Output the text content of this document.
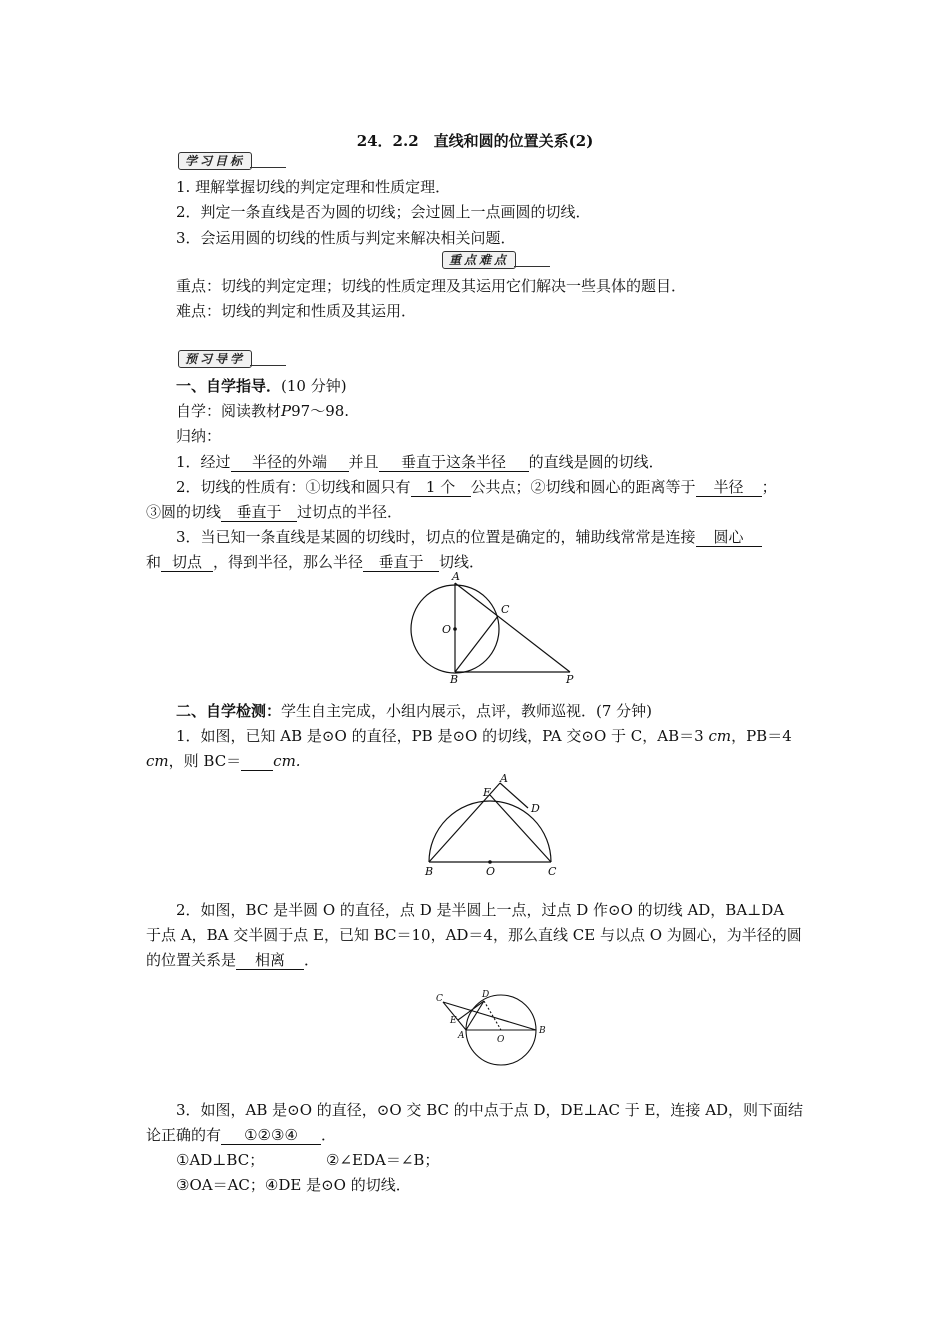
24．2.2　直线和圆的位置关系(2)
学习目标
1. 理解掌握切线的判定定理和性质定理．
2．判定一条直线是否为圆的切线；会过圆上一点画圆的切线．
3．会运用圆的切线的性质与判定来解决相关问题．
重点难点
重点：切线的判定定理；切线的性质定理及其运用它们解决一些具体的题目．
难点：切线的判定和性质及其运用．
预习导学
一、自学指导．(10 分钟)
自学：阅读教材P97～98.
归纳：
1．经过 半径的外端 并且 垂直于这条半径 的直线是圆的切线．
2．切线的性质有：①切线和圆只有 1 个 公共点；②切线和圆心的距离等于 半径 ；
③圆的切线 垂直于 过切点的半径．
3．当已知一条直线是某圆的切线时，切点的位置是确定的，辅助线常常是连接 圆心
和 切点 ，得到半径，那么半径 垂直于 切线．
A
O
C
B	P
二、自学检测：学生自主完成，小组内展示，点评，教师巡视．(7 分钟)
1．如图，已知 AB 是⊙O 的直径，PB 是⊙O 的切线，PA 交⊙O 于 C，AB＝3 cm，PB＝4
cm，则 BC＝ cm.
E
A
D
B	O	C
2．如图，BC 是半圆 O 的直径，点 D 是半圆上一点，过点 D 作⊙O 的切线 AD，BA⊥DA
于点 A，BA 交半圆于点 E，已知 BC＝10，AD＝4，那么直线 CE 与以点 O 为圆心，为半径的圆
的位置关系是 相离 ．
C	D
E
A	O
B
3．如图，AB 是⊙O 的直径，⊙O 交 BC 的中点于点 D，DE⊥AC 于 E，连接 AD，则下面结
论正确的有 ①②③④ ．
①AD⊥BC；	②∠EDA＝∠B；
③OA＝AC；④DE 是⊙O 的切线．
